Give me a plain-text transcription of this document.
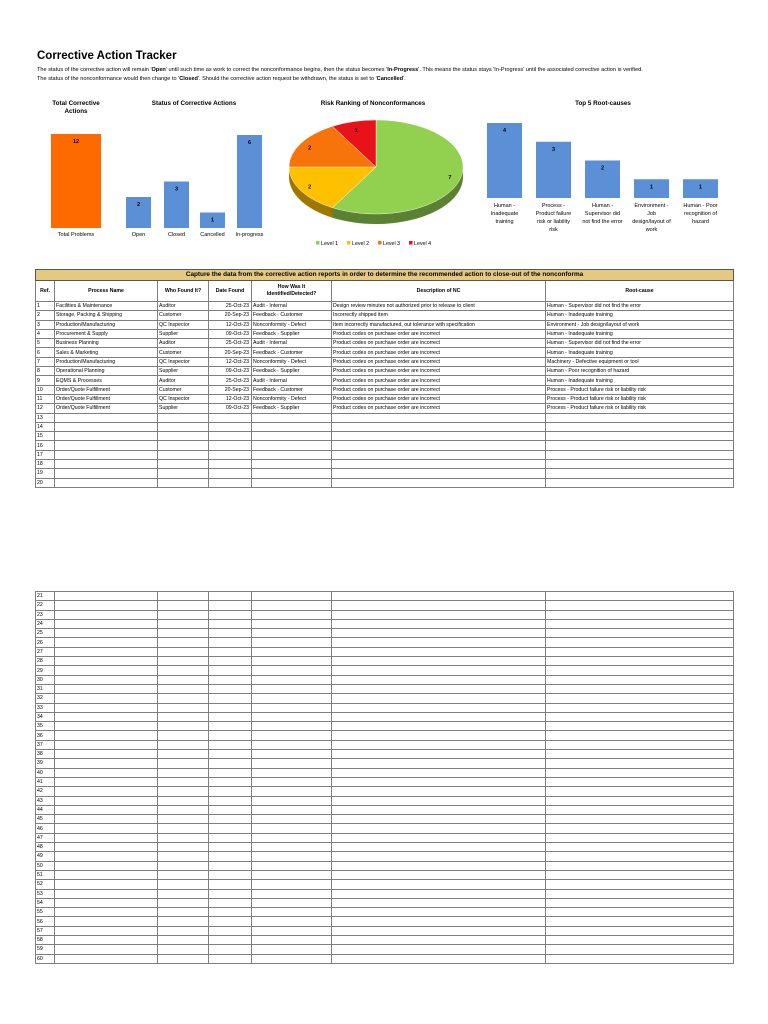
Corrective Action Tracker
The status of the corrective action will remain 'Open' until such time as work to correct the nonconformance begins, then the status becomes 'In-Progress'. This means the status stays 'In-Progress' until the associated corrective action is verified.
The status of the nonconformance would then change to 'Closed'. Should the corrective action request be withdrawn, the status is set to 'Cancelled'.
Total Corrective
Actions
12
Total Problems
Status of Corrective Actions
2
Open
3
Closed
1
Cancelled
6
In-progress
Risk Ranking of Nonconformances
7
2
2
1
Level 1	Level 2	Level 3	Level 4
Top 5 Root-causes
4
Human -
Inadequate
training
3
Process -
Product failure
risk or liability
risk
2
Human -
Supervisor did
not find the error
1
Environment -
Job
design/layout of
work
1
Human - Poor
recognition of
hazard
Capture the data from the corrective action reports in order to determine the recommended action to close-out of the nonconforma						
Ref.	Process Name	Who Found It?	Date Found	How Was It Identified/Detected?	Description of NC	Root-cause
1	Facilities & Maintenance	Auditor	25-Oct-23	Audit - Internal	Design review minutes not authorized prior to release to client	Human - Supervisor did not find the error
2	Storage, Packing & Shipping	Customer	20-Sep-23	Feedback - Customer	Incorrectly shipped item	Human - Inadequate training
3	Production/Manufacturing	QC Inspector	12-Oct-23	Nonconformity - Defect	Item incorrectly manufactured, out tolerance with specification	Environment - Job design/layout of work
4	Procurement & Supply	Supplier	09-Oct-23	Feedback - Supplier	Product codes on purchase order are incorrect	Human - Inadequate training
5	Business Planning	Auditor	25-Oct-23	Audit - Internal	Product codes on purchase order are incorrect	Human - Supervisor did not find the error
6	Sales & Marketing	Customer	20-Sep-23	Feedback - Customer	Product codes on purchase order are incorrect	Human - Inadequate training
7	Production/Manufacturing	QC Inspector	12-Oct-23	Nonconformity - Defect	Product codes on purchase order are incorrect	Machinery - Defective equipment or tool
8	Operational Planning	Supplier	09-Oct-23	Feedback - Supplier	Product codes on purchase order are incorrect	Human - Poor recognition of hazard
9	EQMS & Processes	Auditor	25-Oct-23	Audit - Internal	Product codes on purchase order are incorrect	Human - Inadequate training
10	Order/Quote Fulfillment	Customer	20-Sep-23	Feedback - Customer	Product codes on purchase order are incorrect	Process - Product failure risk or liability risk
11	Order/Quote Fulfillment	QC Inspector	12-Oct-23	Nonconformity - Defect	Product codes on purchase order are incorrect	Process - Product failure risk or liability risk
12	Order/Quote Fulfillment	Supplier	09-Oct-23	Feedback - Supplier	Product codes on purchase order are incorrect	Process - Product failure risk or liability risk
13						
14						
15						
16						
17						
18						
19						
20						
21						
22						
23						
24						
25						
26						
27						
28						
29						
30						
31						
32						
33						
34						
35						
36						
37						
38						
39						
40						
41						
42						
43						
44						
45						
46						
47						
48						
49						
50						
51						
52						
53						
54						
55						
56						
57						
58						
59						
60						
